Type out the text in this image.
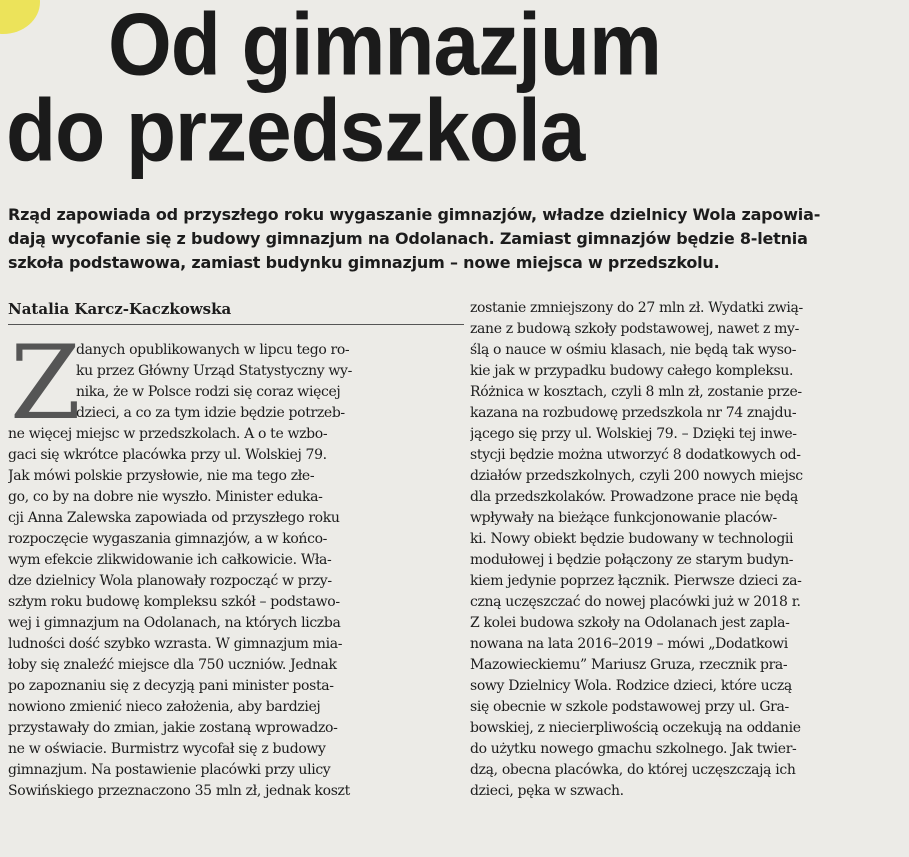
Od gimnazjum
do przedszkola

Rząd zapowiada od przyszłego roku wygaszanie gimnazjów, władze dzielnicy Wola zapowia-
dają wycofanie się z budowy gimnazjum na Odolanach. Zamiast gimnazjów będzie 8-letnia
szkoła podstawowa, zamiast budynku gimnazjum – nowe miejsca w przedszkolu.

Natalia Karcz-Kaczkowska

Z
danych opublikowanych w lipcu tego ro-
ku przez Główny Urząd Statystyczny wy-
nika, że w Polsce rodzi się coraz więcej
dzieci, a co za tym idzie będzie potrzeb-
ne więcej miejsc w przedszkolach. A o te wzbo-
gaci się wkrótce placówka przy ul. Wolskiej 79.
Jak mówi polskie przysłowie, nie ma tego złe-
go, co by na dobre nie wyszło. Minister eduka-
cji Anna Zalewska zapowiada od przyszłego roku
rozpoczęcie wygaszania gimnazjów, a w końco-
wym efekcie zlikwidowanie ich całkowicie. Wła-
dze dzielnicy Wola planowały rozpocząć w przy-
szłym roku budowę kompleksu szkół – podstawo-
wej i gimnazjum na Odolanach, na których liczba
ludności dość szybko wzrasta. W gimnazjum mia-
łoby się znaleźć miejsce dla 750 uczniów. Jednak
po zapoznaniu się z decyzją pani minister posta-
nowiono zmienić nieco założenia, aby bardziej
przystawały do zmian, jakie zostaną wprowadzo-
ne w oświacie. Burmistrz wycofał się z budowy
gimnazjum. Na postawienie placówki przy ulicy
Sowińskiego przeznaczono 35 mln zł, jednak koszt
zostanie zmniejszony do 27 mln zł. Wydatki zwią-
zane z budową szkoły podstawowej, nawet z my-
ślą o nauce w ośmiu klasach, nie będą tak wyso-
kie jak w przypadku budowy całego kompleksu.
Różnica w kosztach, czyli 8 mln zł, zostanie prze-
kazana na rozbudowę przedszkola nr 74 znajdu-
jącego się przy ul. Wolskiej 79. – Dzięki tej inwe-
stycji będzie można utworzyć 8 dodatkowych od-
działów przedszkolnych, czyli 200 nowych miejsc
dla przedszkolaków. Prowadzone prace nie będą
wpływały na bieżące funkcjonowanie placów-
ki. Nowy obiekt będzie budowany w technologii
modułowej i będzie połączony ze starym budyn-
kiem jedynie poprzez łącznik. Pierwsze dzieci za-
czną uczęszczać do nowej placówki już w 2018 r.
Z kolei budowa szkoły na Odolanach jest zapla-
nowana na lata 2016–2019 – mówi „Dodatkowi
Mazowieckiemu” Mariusz Gruza, rzecznik pra-
sowy Dzielnicy Wola. Rodzice dzieci, które uczą
się obecnie w szkole podstawowej przy ul. Gra-
bowskiej, z niecierpliwością oczekują na oddanie
do użytku nowego gmachu szkolnego. Jak twier-
dzą, obecna placówka, do której uczęszczają ich
dzieci, pęka w szwach.
